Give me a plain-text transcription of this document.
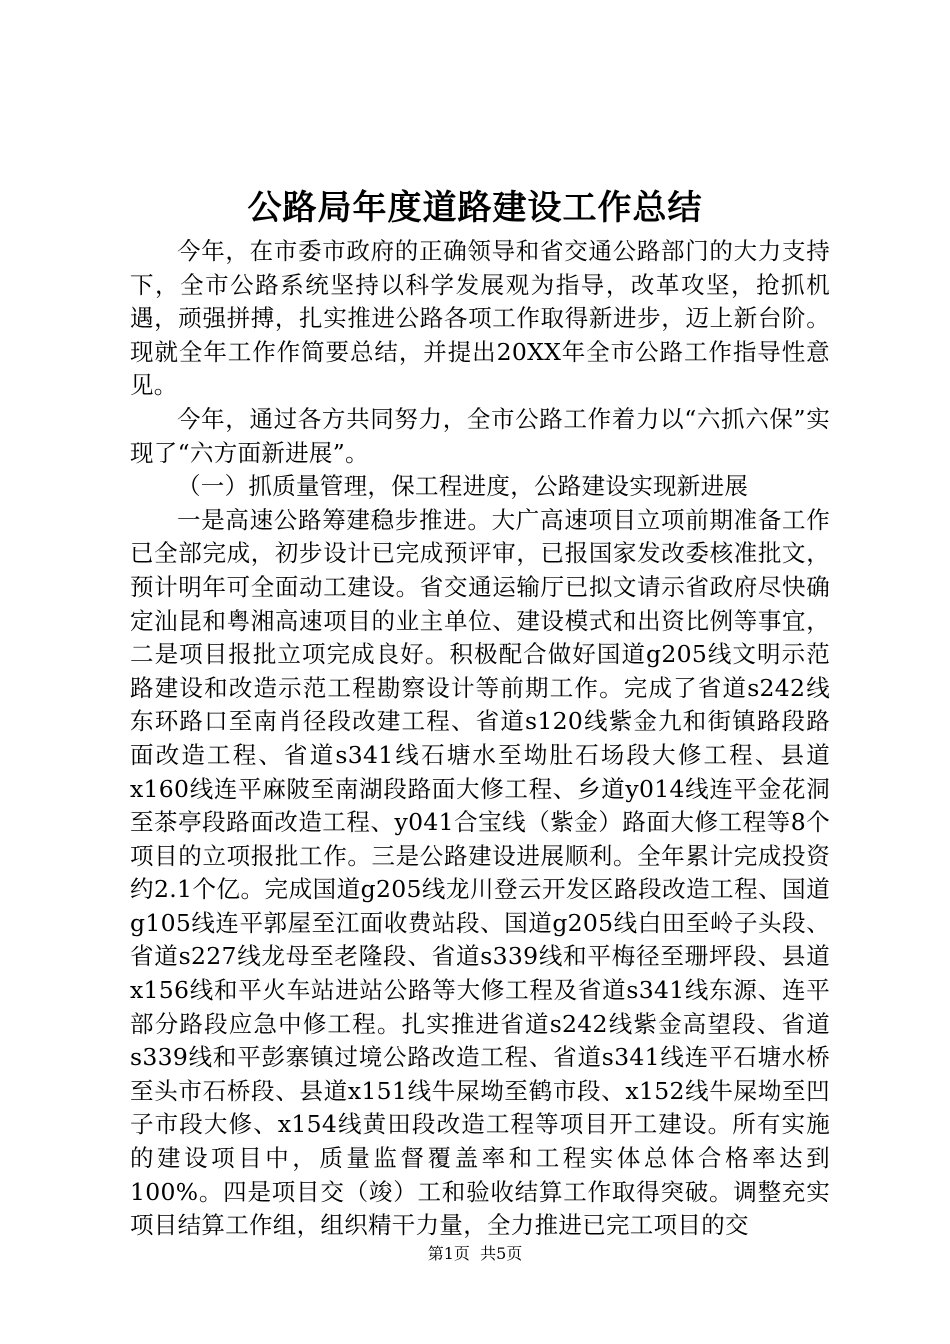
公路局年度道路建设工作总结

今年，在市委市政府的正确领导和省交通公路部门的大力支持下，全市公路系统坚持以科学发展观为指导，改革攻坚，抢抓机遇，顽强拼搏，扎实推进公路各项工作取得新进步，迈上新台阶。现就全年工作作简要总结，并提出20XX年全市公路工作指导性意见。

今年，通过各方共同努力，全市公路工作着力以“六抓六保”实现了“六方面新进展”。

（一）抓质量管理，保工程进度，公路建设实现新进展

一是高速公路筹建稳步推进。大广高速项目立项前期准备工作已全部完成，初步设计已完成预评审，已报国家发改委核准批文，预计明年可全面动工建设。省交通运输厅已拟文请示省政府尽快确定汕昆和粤湘高速项目的业主单位、建设模式和出资比例等事宜，二是项目报批立项完成良好。积极配合做好国道g205线文明示范路建设和改造示范工程勘察设计等前期工作。完成了省道s242线东环路口至南肖径段改建工程、省道s120线紫金九和街镇路段路面改造工程、省道s341线石塘水至坳肚石场段大修工程、县道x160线连平麻陂至南湖段路面大修工程、乡道y014线连平金花洞至茶亭段路面改造工程、y041合宝线（紫金）路面大修工程等8个项目的立项报批工作。三是公路建设进展顺利。全年累计完成投资约2.1个亿。完成国道g205线龙川登云开发区路段改造工程、国道g105线连平郭屋至江面收费站段、国道g205线白田至岭子头段、省道s227线龙母至老隆段、省道s339线和平梅径至珊坪段、县道x156线和平火车站进站公路等大修工程及省道s341线东源、连平部分路段应急中修工程。扎实推进省道s242线紫金高望段、省道s339线和平彭寨镇过境公路改造工程、省道s341线连平石塘水桥至头市石桥段、县道x151线牛屎坳至鹤市段、x152线牛屎坳至凹子市段大修、x154线黄田段改造工程等项目开工建设。所有实施的建设项目中，质量监督覆盖率和工程实体总体合格率达到100%。四是项目交（竣）工和验收结算工作取得突破。调整充实项目结算工作组，组织精干力量，全力推进已完工项目的交

第1页  共5页
